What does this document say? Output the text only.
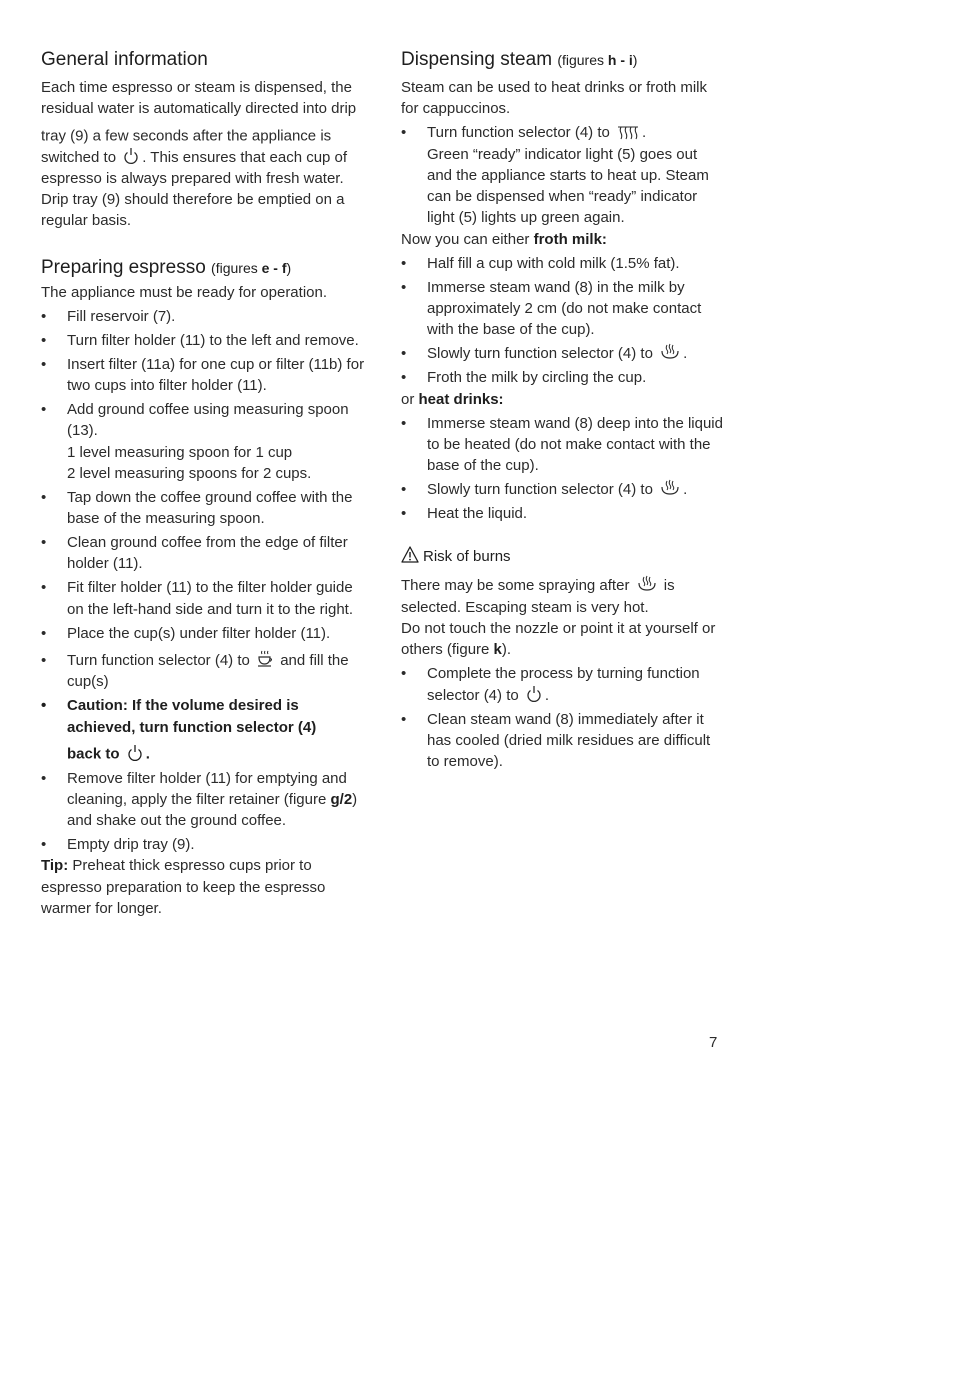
General information

Each time espresso or steam is dispensed, the residual water is automatically directed into drip tray (9) a few seconds after the appliance is switched to . This ensures that each cup of espresso is always prepared with fresh water. Drip tray (9) should therefore be emptied on a regular basis.

Preparing espresso (figures e - f)

The appliance must be ready for operation.

• Fill reservoir (7).
• Turn filter holder (11) to the left and remove.
• Insert filter (11a) for one cup or filter (11b) for two cups into filter holder (11).
• Add ground coffee using measuring spoon (13).
1 level measuring spoon for 1 cup
2 level measuring spoons for 2 cups.
• Tap down the coffee ground coffee with the base of the measuring spoon.
• Clean ground coffee from the edge of filter holder (11).
• Fit filter holder (11) to the filter holder guide on the left-hand side and turn it to the right.
• Place the cup(s) under filter holder (11).
• Turn function selector (4) to and fill the cup(s)
• Caution: If the volume desired is achieved, turn function selector (4)
back to .
• Remove filter holder (11) for emptying and cleaning, apply the filter retainer (figure g/2) and shake out the ground coffee.
• Empty drip tray (9).

Tip: Preheat thick espresso cups prior to espresso preparation to keep the espresso warmer for longer.

Dispensing steam (figures h - i)

Steam can be used to heat drinks or froth milk for cappuccinos.

• Turn function selector (4) to .
Green “ready” indicator light (5) goes out and the appliance starts to heat up. Steam can be dispensed when “ready” indicator light (5) lights up green again.

Now you can either froth milk:

• Half fill a cup with cold milk (1.5% fat).
• Immerse steam wand (8) in the milk by approximately 2 cm (do not make contact with the base of the cup).
• Slowly turn function selector (4) to .
• Froth the milk by circling the cup.

or heat drinks:

• Immerse steam wand (8) deep into the liquid to be heated (do not make contact with the base of the cup).
• Slowly turn function selector (4) to .
• Heat the liquid.
Risk of burns

There may be some spraying after is selected. Escaping steam is very hot.
Do not touch the nozzle or point it at yourself or others (figure k).

• Complete the process by turning function selector (4) to .
• Clean steam wand (8) immediately after it has cooled (dried milk residues are difficult to remove).
7
